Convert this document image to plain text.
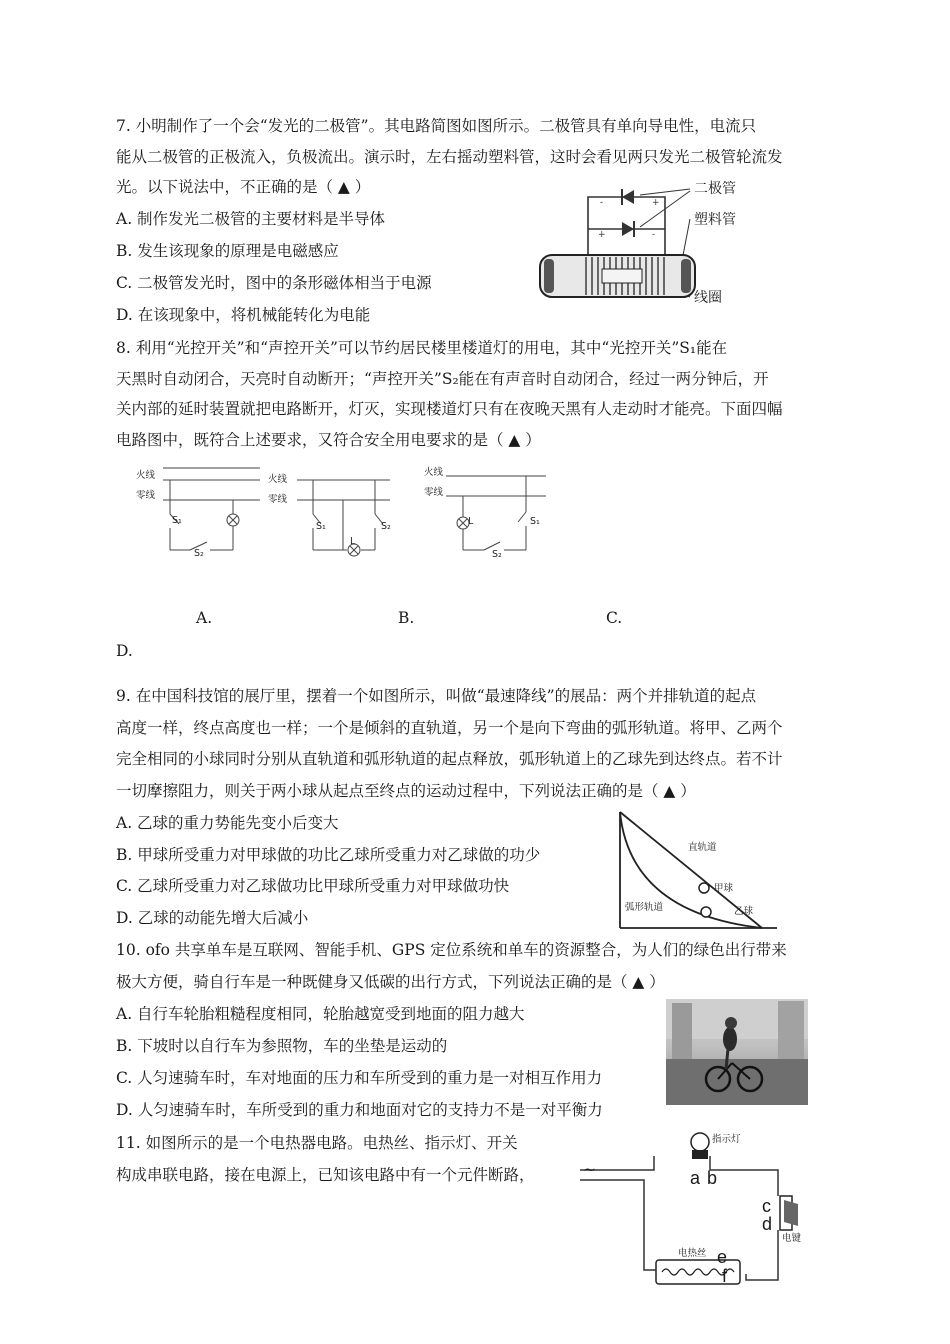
7. 小明制作了一个会“发光的二极管”。其电路简图如图所示。二极管具有单向导电性，电流只
能从二极管的正极流入，负极流出。演示时，左右摇动塑料管，这时会看见两只发光二极管轮流发
光。以下说法中，不正确的是（ ▲ ）
A. 制作发光二极管的主要材料是半导体
B. 发生该现象的原理是电磁感应
C. 二极管发光时，图中的条形磁体相当于电源
D. 在该现象中，将机械能转化为电能
-
+
+
-
二极管
塑料管
线圈
8. 利用“光控开关”和“声控开关”可以节约居民楼里楼道灯的用电，其中“光控开关”S₁能在
天黑时自动闭合，天亮时自动断开；“声控开关”S₂能在有声音时自动闭合，经过一两分钟后，开
关内部的延时装置就把电路断开，灯灭，实现楼道灯只有在夜晚天黑有人走动时才能亮。下面四幅
电路图中，既符合上述要求，又符合安全用电要求的是（ ▲ ）
火线
零线
S₁
S₂
火线
零线
S₁
L
S₂
火线
零线
L	S₁
S₂
A.	B.	C.
D.
9. 在中国科技馆的展厅里，摆着一个如图所示，叫做“最速降线”的展品：两个并排轨道的起点
高度一样，终点高度也一样；一个是倾斜的直轨道，另一个是向下弯曲的弧形轨道。将甲、乙两个
完全相同的小球同时分别从直轨道和弧形轨道的起点释放，弧形轨道上的乙球先到达终点。若不计
一切摩擦阻力，则关于两小球从起点至终点的运动过程中，下列说法正确的是（ ▲ ）
A. 乙球的重力势能先变小后变大
B. 甲球所受重力对甲球做的功比乙球所受重力对乙球做的功少
C. 乙球所受重力对乙球做功比甲球所受重力对甲球做功快
D. 乙球的动能先增大后减小
直轨道
甲球
弧形轨道	乙球
10. ofo 共享单车是互联网、智能手机、GPS 定位系统和单车的资源整合，为人们的绿色出行带来
极大方便，骑自行车是一种既健身又低碳的出行方式，下列说法正确的是（ ▲ ）
A. 自行车轮胎粗糙程度相同，轮胎越宽受到地面的阻力越大
B. 下坡时以自行车为参照物，车的坐垫是运动的
C. 人匀速骑车时，车对地面的压力和车所受到的重力是一对相互作用力
D. 人匀速骑车时，车所受到的重力和地面对它的支持力不是一对平衡力
11. 如图所示的是一个电热器电路。电热丝、指示灯、开关
构成串联电路，接在电源上，已知该电路中有一个元件断路，
指示灯
电键
电热丝
a b
c
d
e
f
~
